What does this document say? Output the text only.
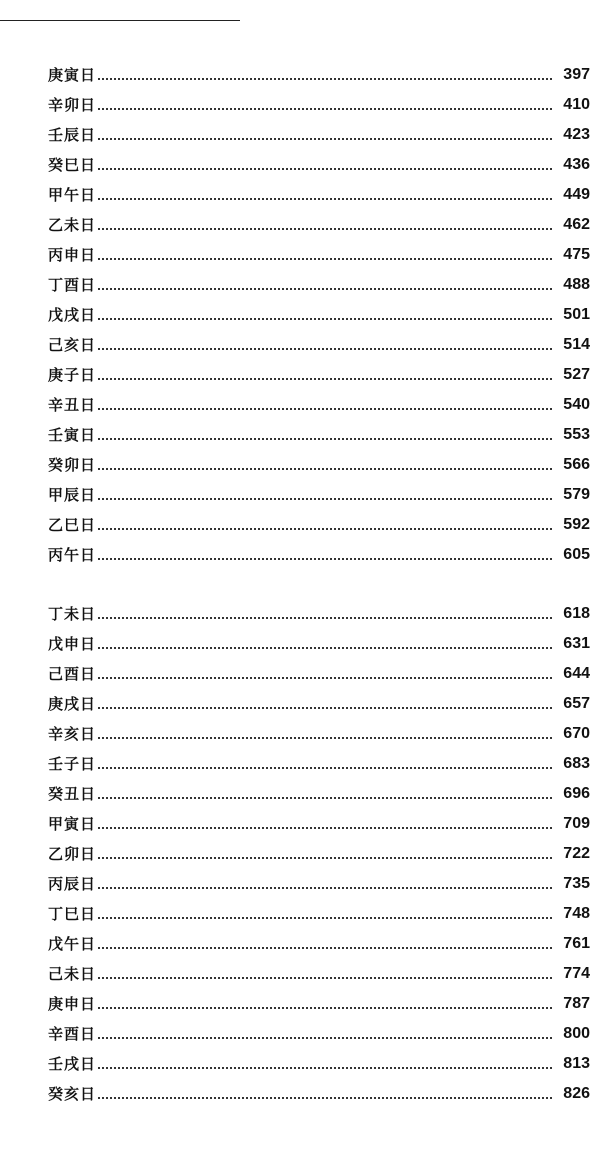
庚寅日	397
辛卯日	410
壬辰日	423
癸巳日	436
甲午日	449
乙未日	462
丙申日	475
丁酉日	488
戊戌日	501
己亥日	514
庚子日	527
辛丑日	540
壬寅日	553
癸卯日	566
甲辰日	579
乙巳日	592
丙午日	605
丁未日	618
戊申日	631
己酉日	644
庚戌日	657
辛亥日	670
壬子日	683
癸丑日	696
甲寅日	709
乙卯日	722
丙辰日	735
丁巳日	748
戊午日	761
己未日	774
庚申日	787
辛酉日	800
壬戌日	813
癸亥日	826
